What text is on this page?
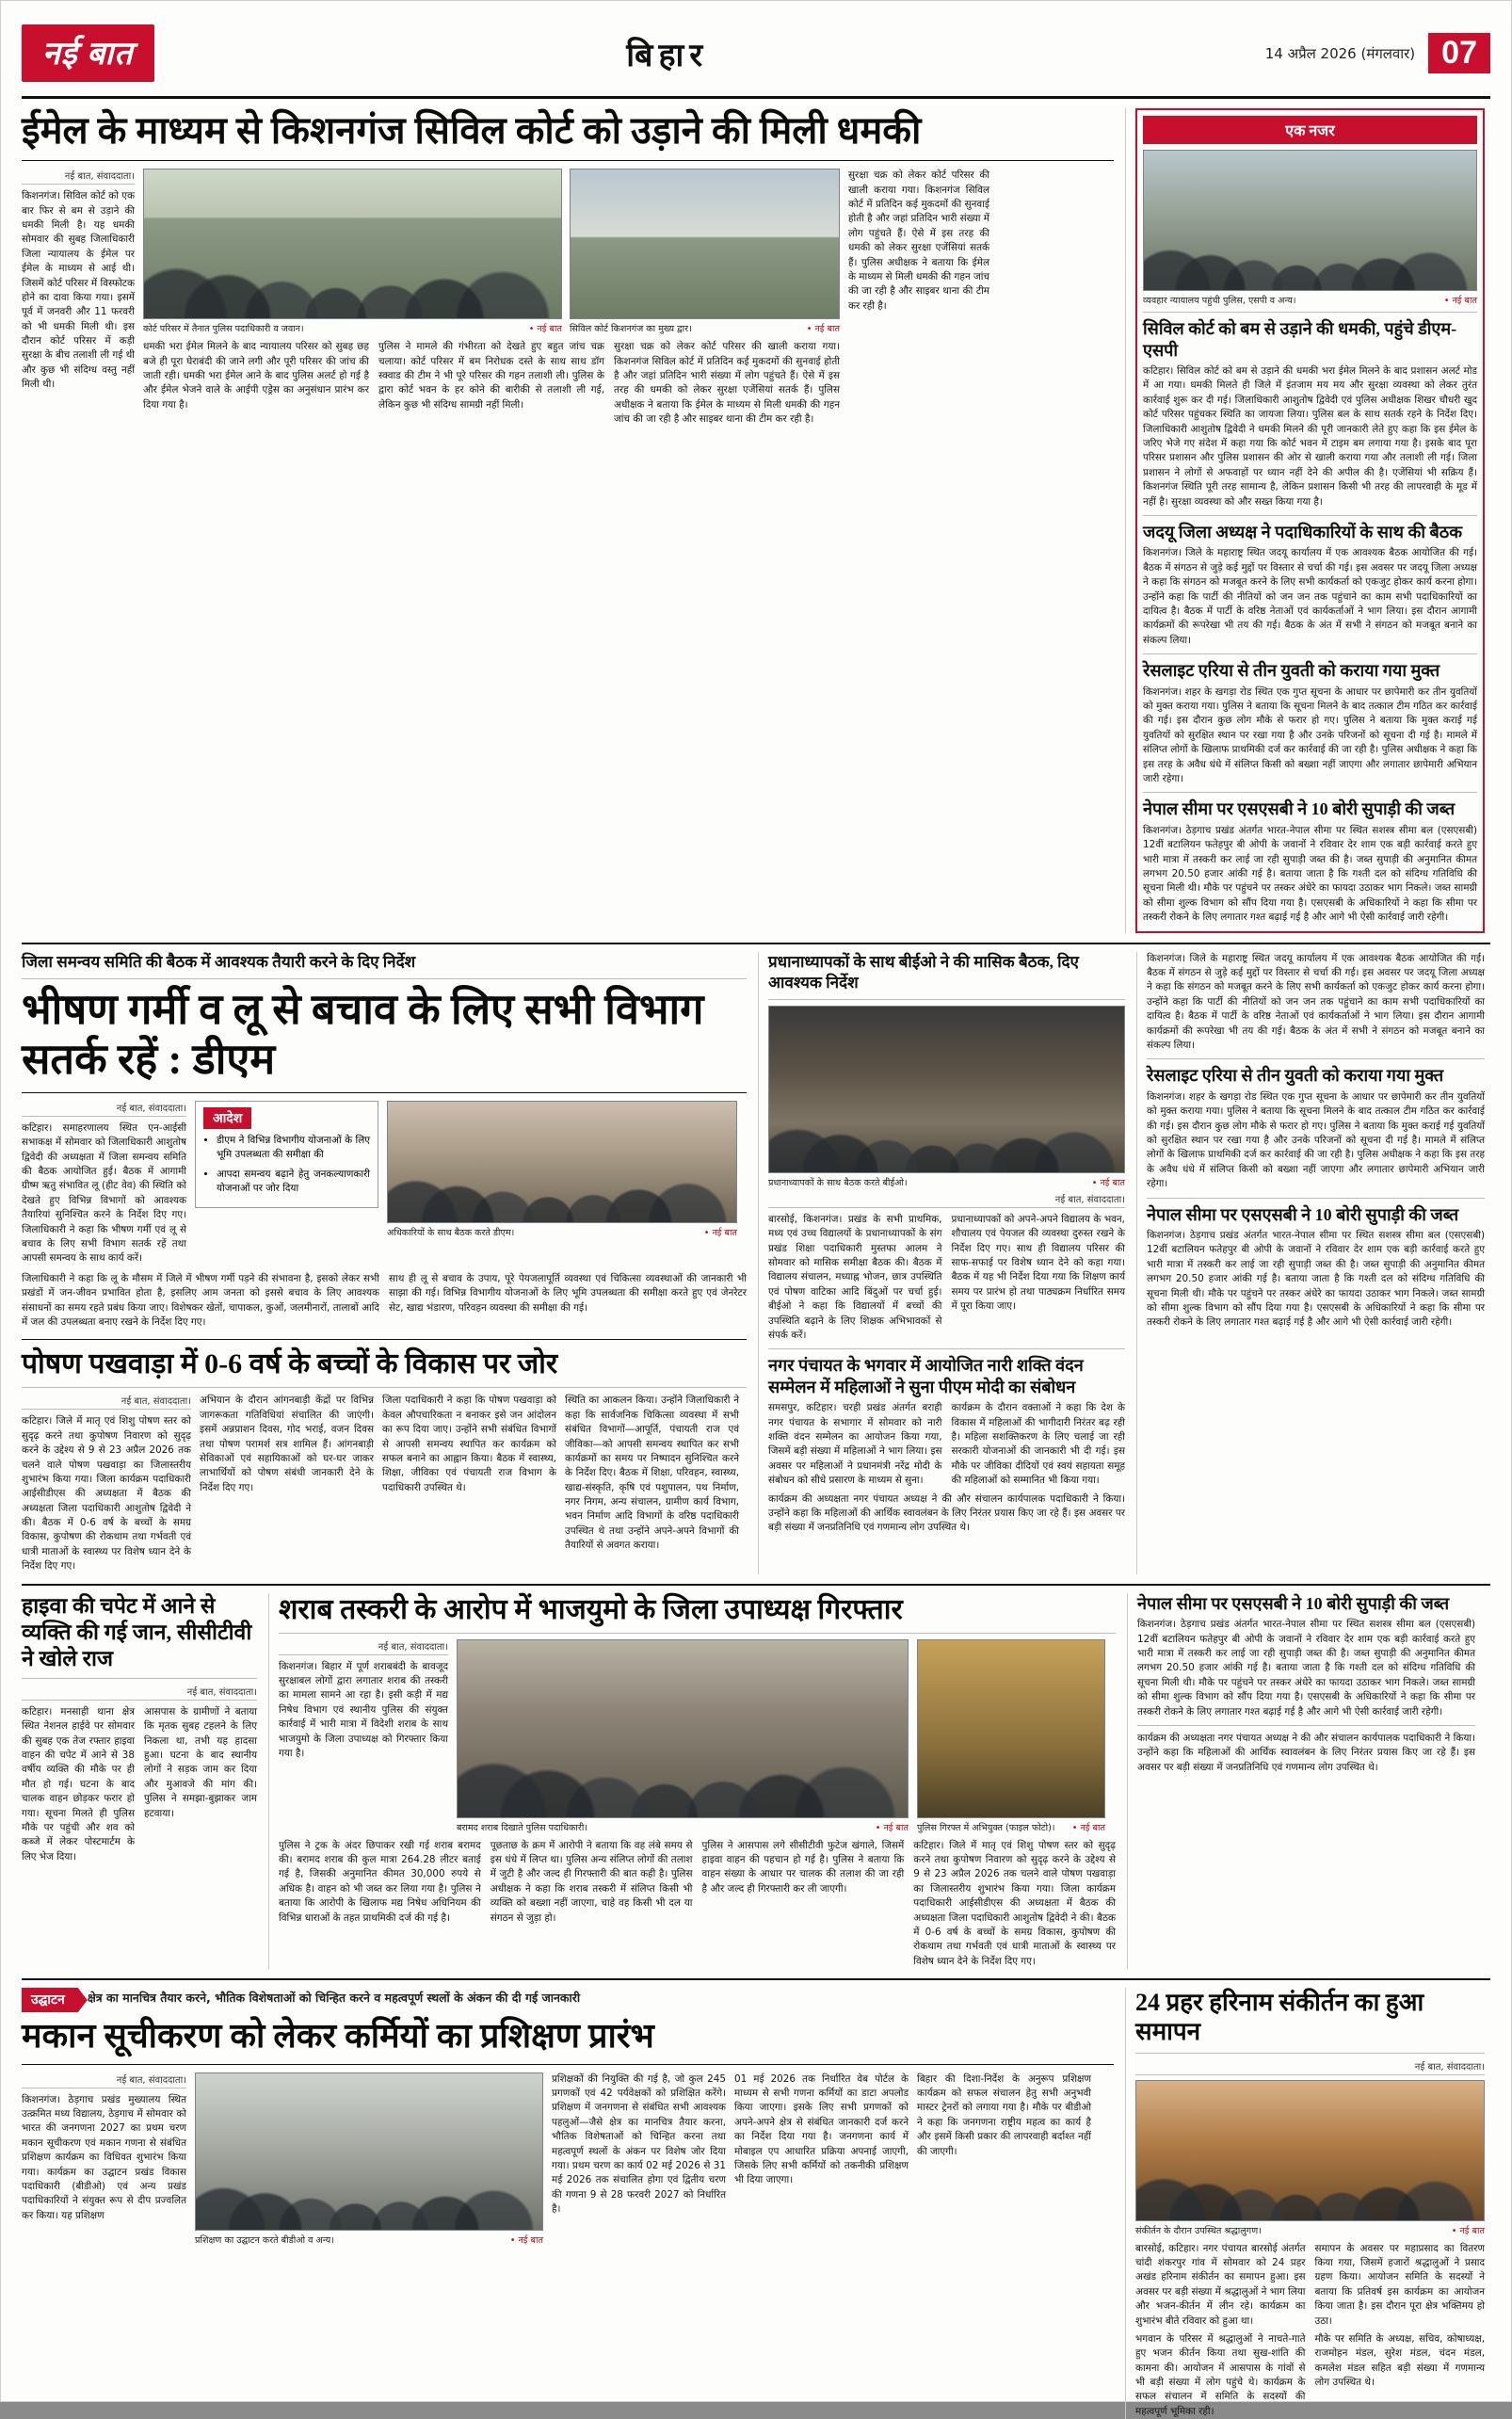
नई बात	बिहार	14 अप्रैल 2026 (मंगलवार) 07
ईमेल के माध्यम से किशनगंज सिविल कोर्ट को उड़ाने की मिली धमकी
नई बात, संवाददाता।
किशनगंज। सिविल कोर्ट को एक बार फिर से बम से उड़ाने की धमकी मिली है। यह धमकी सोमवार की सुबह जिलाधिकारी जिला न्यायालय के ईमेल पर ईमेल के माध्यम से आई थी। जिसमें कोर्ट परिसर में विस्फोटक होने का दावा किया गया। इसमें पूर्व में जनवरी और 11 फरवरी को भी धमकी मिली थी। इस दौरान कोर्ट परिसर में कड़ी सुरक्षा के बीच तलाशी ली गई थी और कुछ भी संदिग्ध वस्तु नहीं मिली थी।
कोर्ट परिसर में तैनात पुलिस पदाधिकारी व जवान।	• नई बात सिविल कोर्ट किशनगंज का मुख्य द्वार।	• नई बात
धमकी भरा ईमेल मिलने के बाद न्यायालय परिसर को सुबह छह बजे ही पूरा घेराबंदी की जाने लगी और पूरी परिसर की जांच की जाती रही। धमकी भरा ईमेल आने के बाद पुलिस अलर्ट हो गई है और ईमेल भेजने वाले के आईपी एड्रेस का अनुसंधान प्रारंभ कर दिया गया है।
पुलिस ने मामले की गंभीरता को देखते हुए बहुत जांच चक्र चलाया। कोर्ट परिसर में बम निरोधक दस्ते के साथ साथ डॉग स्क्वाड की टीम ने भी पूरे परिसर की गहन तलाशी ली। पुलिस के द्वारा कोर्ट भवन के हर कोने की बारीकी से तलाशी ली गई, लेकिन कुछ भी संदिग्ध सामग्री नहीं मिली।
सुरक्षा चक्र को लेकर कोर्ट परिसर की खाली कराया गया। किशनगंज सिविल कोर्ट में प्रतिदिन कई मुकदमों की सुनवाई होती है और जहां प्रतिदिन भारी संख्या में लोग पहुंचते हैं। ऐसे में इस तरह की धमकी को लेकर सुरक्षा एजेंसियां सतर्क हैं। पुलिस अधीक्षक ने बताया कि ईमेल के माध्यम से मिली धमकी की गहन जांच की जा रही है और साइबर थाना की टीम कर रही है।
सुरक्षा चक्र को लेकर कोर्ट परिसर की खाली कराया गया। किशनगंज सिविल कोर्ट में प्रतिदिन कई मुकदमों की सुनवाई होती है और जहां प्रतिदिन भारी संख्या में लोग पहुंचते हैं। ऐसे में इस तरह की धमकी को लेकर सुरक्षा एजेंसियां सतर्क हैं। पुलिस अधीक्षक ने बताया कि ईमेल के माध्यम से मिली धमकी की गहन जांच की जा रही है और साइबर थाना की टीम कर रही है।
एक नजर
व्यवहार न्यायालय पहुंची पुलिस, एसपी व अन्य।	• नई बात
सिविल कोर्ट को बम से उड़ाने की धमकी, पहुंचे डीएम-एसपी
कटिहार। सिविल कोर्ट को बम से उड़ाने की धमकी भरा ईमेल मिलने के बाद प्रशासन अलर्ट मोड में आ गया। धमकी मिलते ही जिले में इंतजाम मय मय और सुरक्षा व्यवस्था को लेकर तुरंत कार्रवाई शुरू कर दी गई। जिलाधिकारी आशुतोष द्विवेदी एवं पुलिस अधीक्षक शिखर चौधरी खुद कोर्ट परिसर पहुंचकर स्थिति का जायजा लिया। पुलिस बल के साथ सतर्क रहने के निर्देश दिए। जिलाधिकारी आशुतोष द्विवेदी ने धमकी मिलने की पूरी जानकारी लेते हुए कहा कि इस ईमेल के जरिए भेजे गए संदेश में कहा गया कि कोर्ट भवन में टाइम बम लगाया गया है। इसके बाद पूरा परिसर प्रशासन और पुलिस प्रशासन की ओर से खाली कराया गया और तलाशी ली गई। जिला प्रशासन ने लोगों से अफवाहों पर ध्यान नहीं देने की अपील की है। एजेंसियां भी सक्रिय हैं। किशनगंज स्थिति पूरी तरह सामान्य है, लेकिन प्रशासन किसी भी तरह की लापरवाही के मूड में नहीं है। सुरक्षा व्यवस्था को और सख्त किया गया है।
जदयू जिला अध्यक्ष ने पदाधिकारियों के साथ की बैठक
किशनगंज। जिले के महाराष्ट्र स्थित जदयू कार्यालय में एक आवश्यक बैठक आयोजित की गई। बैठक में संगठन से जुड़े कई मुद्दों पर विस्तार से चर्चा की गई। इस अवसर पर जदयू जिला अध्यक्ष ने कहा कि संगठन को मजबूत करने के लिए सभी कार्यकर्ता को एकजुट होकर कार्य करना होगा। उन्होंने कहा कि पार्टी की नीतियों को जन जन तक पहुंचाने का काम सभी पदाधिकारियों का दायित्व है। बैठक में पार्टी के वरिष्ठ नेताओं एवं कार्यकर्ताओं ने भाग लिया। इस दौरान आगामी कार्यक्रमों की रूपरेखा भी तय की गई। बैठक के अंत में सभी ने संगठन को मजबूत बनाने का संकल्प लिया।
रेसलाइट एरिया से तीन युवती को कराया गया मुक्त
किशनगंज। शहर के खगड़ा रोड स्थित एक गुप्त सूचना के आधार पर छापेमारी कर तीन युवतियों को मुक्त कराया गया। पुलिस ने बताया कि सूचना मिलने के बाद तत्काल टीम गठित कर कार्रवाई की गई। इस दौरान कुछ लोग मौके से फरार हो गए। पुलिस ने बताया कि मुक्त कराई गई युवतियों को सुरक्षित स्थान पर रखा गया है और उनके परिजनों को सूचना दी गई है। मामले में संलिप्त लोगों के खिलाफ प्राथमिकी दर्ज कर कार्रवाई की जा रही है। पुलिस अधीक्षक ने कहा कि इस तरह के अवैध धंधे में संलिप्त किसी को बख्शा नहीं जाएगा और लगातार छापेमारी अभियान जारी रहेगा।
नेपाल सीमा पर एसएसबी ने 10 बोरी सुपाड़ी की जब्त
किशनगंज। ठेड़गाच प्रखंड अंतर्गत भारत-नेपाल सीमा पर स्थित सशस्त्र सीमा बल (एसएसबी) 12वीं बटालियन फतेहपुर बी ओपी के जवानों ने रविवार देर शाम एक बड़ी कार्रवाई करते हुए भारी मात्रा में तस्करी कर लाई जा रही सुपाड़ी जब्त की है। जब्त सुपाड़ी की अनुमानित कीमत लगभग 20.50 हजार आंकी गई है। बताया जाता है कि गश्ती दल को संदिग्ध गतिविधि की सूचना मिली थी। मौके पर पहुंचने पर तस्कर अंधेरे का फायदा उठाकर भाग निकले। जब्त सामग्री को सीमा शुल्क विभाग को सौंप दिया गया है। एसएसबी के अधिकारियों ने कहा कि सीमा पर तस्करी रोकने के लिए लगातार गश्त बढ़ाई गई है और आगे भी ऐसी कार्रवाई जारी रहेगी।
जिला समन्वय समिति की बैठक में आवश्यक तैयारी करने के दिए निर्देश
भीषण गर्मी व लू से बचाव के लिए सभी विभाग सतर्क रहें : डीएम
नई बात, संवाददाता।
कटिहार। समाहरणालय स्थित एन-आईसी सभाकक्ष में सोमवार को जिलाधिकारी आशुतोष द्विवेदी की अध्यक्षता में जिला समन्वय समिति की बैठक आयोजित हुई। बैठक में आगामी ग्रीष्म ऋतु संभावित लू (हीट वेव) की स्थिति को देखते हुए विभिन्न विभागों को आवश्यक तैयारियां सुनिश्चित करने के निर्देश दिए गए। जिलाधिकारी ने कहा कि भीषण गर्मी एवं लू से बचाव के लिए सभी विभाग सतर्क रहें तथा आपसी समन्वय के साथ कार्य करें।
आदेश
• डीएम ने विभिन्न विभागीय योजनाओं के लिए भूमि उपलब्धता की समीक्षा की
• आपदा समन्वय बढ़ाने हेतु जनकल्याणकारी योजनाओं पर जोर दिया
अधिकारियों के साथ बैठक करते डीएम।	• नई बात
जिलाधिकारी ने कहा कि लू के मौसम में जिले में भीषण गर्मी पड़ने की संभावना है, इसको लेकर सभी प्रखंडों में जन-जीवन प्रभावित होता है, इसलिए आम जनता को इससे बचाव के लिए आवश्यक संसाधनों का समय रहते प्रबंध किया जाए। विशेषकर खेतों, चापाकल, कुओं, जलमीनारों, तालाबों आदि में जल की उपलब्धता बनाए रखने के निर्देश दिए गए।
साथ ही लू से बचाव के उपाय, पूरे पेयजलापूर्ति व्यवस्था एवं चिकित्सा व्यवस्थाओं की जानकारी भी साझा की गई। विभिन्न विभागीय योजनाओं के लिए भूमि उपलब्धता की समीक्षा करते हुए एवं जेनरेटर सेट, खाद्य भंडारण, परिवहन व्यवस्था की समीक्षा की गई।
पोषण पखवाड़ा में 0-6 वर्ष के बच्चों के विकास पर जोर
नई बात, संवाददाता।
कटिहार। जिले में मातृ एवं शिशु पोषण स्तर को सुदृढ़ करने तथा कुपोषण निवारण को सुदृढ़ करने के उद्देश्य से 9 से 23 अप्रैल 2026 तक चलने वाले पोषण पखवाड़ा का जिलास्तरीय शुभारंभ किया गया। जिला कार्यक्रम पदाधिकारी आईसीडीएस की अध्यक्षता में बैठक की अध्यक्षता जिला पदाधिकारी आशुतोष द्विवेदी ने की। बैठक में 0-6 वर्ष के बच्चों के समग्र विकास, कुपोषण की रोकथाम तथा गर्भवती एवं धात्री माताओं के स्वास्थ्य पर विशेष ध्यान देने के निर्देश दिए गए।
अभियान के दौरान आंगनबाड़ी केंद्रों पर विभिन्न जागरूकता गतिविधियां संचालित की जाएंगी। इसमें अन्नप्राशन दिवस, गोद भराई, वजन दिवस तथा पोषण परामर्श सत्र शामिल हैं। आंगनबाड़ी सेविकाओं एवं सहायिकाओं को घर-घर जाकर लाभार्थियों को पोषण संबंधी जानकारी देने के निर्देश दिए गए।
जिला पदाधिकारी ने कहा कि पोषण पखवाड़ा को केवल औपचारिकता न बनाकर इसे जन आंदोलन का रूप दिया जाए। उन्होंने सभी संबंधित विभागों से आपसी समन्वय स्थापित कर कार्यक्रम को सफल बनाने का आह्वान किया। बैठक में स्वास्थ्य, शिक्षा, जीविका एवं पंचायती राज विभाग के पदाधिकारी उपस्थित थे।
स्थिति का आकलन किया। उन्होंने जिलाधिकारी ने कहा कि सार्वजनिक चिकित्सा व्यवस्था में सभी संबंधित विभागों—आपूर्ति, पंचायती राज एवं जीविका—को आपसी समन्वय स्थापित कर सभी कार्यक्रमों का समय पर निष्पादन सुनिश्चित करने के निर्देश दिए। बैठक में शिक्षा, परिवहन, स्वास्थ्य, खाद्य-संस्कृति, कृषि एवं पशुपालन, पथ निर्माण, नगर निगम, अन्य संचालन, ग्रामीण कार्य विभाग, भवन निर्माण आदि विभागों के वरिष्ठ पदाधिकारी उपस्थित थे तथा उन्होंने अपने-अपने विभागों की तैयारियों से अवगत कराया।
प्रधानाध्यापकों के साथ बीईओ ने की मासिक बैठक, दिए आवश्यक निर्देश
प्रधानाध्यापकों के साथ बैठक करते बीईओ।	• नई बात
नई बात, संवाददाता।
बारसोई, किशनगंज। प्रखंड के सभी प्राथमिक, मध्य एवं उच्च विद्यालयों के प्रधानाध्यापकों के संग प्रखंड शिक्षा पदाधिकारी मुस्तफा आलम ने सोमवार को मासिक समीक्षा बैठक की। बैठक में विद्यालय संचालन, मध्याह्न भोजन, छात्र उपस्थिति एवं पोषण वाटिका आदि बिंदुओं पर चर्चा हुई। बीईओ ने कहा कि विद्यालयों में बच्चों की उपस्थिति बढ़ाने के लिए शिक्षक अभिभावकों से संपर्क करें।
प्रधानाध्यापकों को अपने-अपने विद्यालय के भवन, शौचालय एवं पेयजल की व्यवस्था दुरुस्त रखने के निर्देश दिए गए। साथ ही विद्यालय परिसर की साफ-सफाई पर विशेष ध्यान देने को कहा गया। बैठक में यह भी निर्देश दिया गया कि शिक्षण कार्य समय पर प्रारंभ हो तथा पाठ्यक्रम निर्धारित समय में पूरा किया जाए।
नगर पंचायत के भगवार में आयोजित नारी शक्ति वंदन सम्मेलन में महिलाओं ने सुना पीएम मोदी का संबोधन
समसपुर, कटिहार। चरही प्रखंड अंतर्गत बराही नगर पंचायत के सभागार में सोमवार को नारी शक्ति वंदन सम्मेलन का आयोजन किया गया, जिसमें बड़ी संख्या में महिलाओं ने भाग लिया। इस अवसर पर महिलाओं ने प्रधानमंत्री नरेंद्र मोदी के संबोधन को सीधे प्रसारण के माध्यम से सुना।
कार्यक्रम के दौरान वक्ताओं ने कहा कि देश के विकास में महिलाओं की भागीदारी निरंतर बढ़ रही है। महिला सशक्तिकरण के लिए चलाई जा रही सरकारी योजनाओं की जानकारी भी दी गई। इस मौके पर जीविका दीदियों एवं स्वयं सहायता समूह की महिलाओं को सम्मानित भी किया गया।
कार्यक्रम की अध्यक्षता नगर पंचायत अध्यक्ष ने की और संचालन कार्यपालक पदाधिकारी ने किया। उन्होंने कहा कि महिलाओं की आर्थिक स्वावलंबन के लिए निरंतर प्रयास किए जा रहे हैं। इस अवसर पर बड़ी संख्या में जनप्रतिनिधि एवं गणमान्य लोग उपस्थित थे।
किशनगंज। जिले के महाराष्ट्र स्थित जदयू कार्यालय में एक आवश्यक बैठक आयोजित की गई। बैठक में संगठन से जुड़े कई मुद्दों पर विस्तार से चर्चा की गई। इस अवसर पर जदयू जिला अध्यक्ष ने कहा कि संगठन को मजबूत करने के लिए सभी कार्यकर्ता को एकजुट होकर कार्य करना होगा। उन्होंने कहा कि पार्टी की नीतियों को जन जन तक पहुंचाने का काम सभी पदाधिकारियों का दायित्व है। बैठक में पार्टी के वरिष्ठ नेताओं एवं कार्यकर्ताओं ने भाग लिया। इस दौरान आगामी कार्यक्रमों की रूपरेखा भी तय की गई। बैठक के अंत में सभी ने संगठन को मजबूत बनाने का संकल्प लिया।
रेसलाइट एरिया से तीन युवती को कराया गया मुक्त
किशनगंज। शहर के खगड़ा रोड स्थित एक गुप्त सूचना के आधार पर छापेमारी कर तीन युवतियों को मुक्त कराया गया। पुलिस ने बताया कि सूचना मिलने के बाद तत्काल टीम गठित कर कार्रवाई की गई। इस दौरान कुछ लोग मौके से फरार हो गए। पुलिस ने बताया कि मुक्त कराई गई युवतियों को सुरक्षित स्थान पर रखा गया है और उनके परिजनों को सूचना दी गई है। मामले में संलिप्त लोगों के खिलाफ प्राथमिकी दर्ज कर कार्रवाई की जा रही है। पुलिस अधीक्षक ने कहा कि इस तरह के अवैध धंधे में संलिप्त किसी को बख्शा नहीं जाएगा और लगातार छापेमारी अभियान जारी रहेगा।
नेपाल सीमा पर एसएसबी ने 10 बोरी सुपाड़ी की जब्त
किशनगंज। ठेड़गाच प्रखंड अंतर्गत भारत-नेपाल सीमा पर स्थित सशस्त्र सीमा बल (एसएसबी) 12वीं बटालियन फतेहपुर बी ओपी के जवानों ने रविवार देर शाम एक बड़ी कार्रवाई करते हुए भारी मात्रा में तस्करी कर लाई जा रही सुपाड़ी जब्त की है। जब्त सुपाड़ी की अनुमानित कीमत लगभग 20.50 हजार आंकी गई है। बताया जाता है कि गश्ती दल को संदिग्ध गतिविधि की सूचना मिली थी। मौके पर पहुंचने पर तस्कर अंधेरे का फायदा उठाकर भाग निकले। जब्त सामग्री को सीमा शुल्क विभाग को सौंप दिया गया है। एसएसबी के अधिकारियों ने कहा कि सीमा पर तस्करी रोकने के लिए लगातार गश्त बढ़ाई गई है और आगे भी ऐसी कार्रवाई जारी रहेगी।
हाइवा की चपेट में आने से व्यक्ति की गई जान, सीसीटीवी ने खोले राज
नई बात, संवाददाता।
कटिहार। मनसाही थाना क्षेत्र स्थित नेशनल हाईवे पर सोमवार की सुबह एक तेज रफ्तार हाइवा वाहन की चपेट में आने से 38 वर्षीय व्यक्ति की मौके पर ही मौत हो गई। घटना के बाद चालक वाहन छोड़कर फरार हो गया। सूचना मिलते ही पुलिस मौके पर पहुंची और शव को कब्जे में लेकर पोस्टमार्टम के लिए भेज दिया।
आसपास के ग्रामीणों ने बताया कि मृतक सुबह टहलने के लिए निकला था, तभी यह हादसा हुआ। घटना के बाद स्थानीय लोगों ने सड़क जाम कर दिया और मुआवजे की मांग की। पुलिस ने समझा-बुझाकर जाम हटवाया।
शराब तस्करी के आरोप में भाजयुमो के जिला उपाध्यक्ष गिरफ्तार
नई बात, संवाददाता।
किशनगंज। बिहार में पूर्ण शराबबंदी के बावजूद सुरक्षाबल लोगों द्वारा लगातार शराब की तस्करी का मामला सामने आ रहा है। इसी कड़ी में मद्य निषेध विभाग एवं स्थानीय पुलिस की संयुक्त कार्रवाई में भारी मात्रा में विदेशी शराब के साथ भाजयुमो के जिला उपाध्यक्ष को गिरफ्तार किया गया है।
बरामद शराब दिखाते पुलिस पदाधिकारी।	• नई बात पुलिस गिरफ्त में अभियुक्त (फाइल फोटो)। • नई बात
पुलिस ने ट्रक के अंदर छिपाकर रखी गई शराब बरामद की। बरामद शराब की कुल मात्रा 264.28 लीटर बताई गई है, जिसकी अनुमानित कीमत 30,000 रुपये से अधिक है। वाहन को भी जब्त कर लिया गया है। पुलिस ने बताया कि आरोपी के खिलाफ मद्य निषेध अधिनियम की विभिन्न धाराओं के तहत प्राथमिकी दर्ज की गई है।
पूछताछ के क्रम में आरोपी ने बताया कि वह लंबे समय से इस धंधे में लिप्त था। पुलिस अन्य संलिप्त लोगों की तलाश में जुटी है और जल्द ही गिरफ्तारी की बात कही है। पुलिस अधीक्षक ने कहा कि शराब तस्करी में संलिप्त किसी भी व्यक्ति को बख्शा नहीं जाएगा, चाहे वह किसी भी दल या संगठन से जुड़ा हो।
पुलिस ने आसपास लगे सीसीटीवी फुटेज खंगाले, जिसमें हाइवा वाहन की पहचान हो गई है। पुलिस ने बताया कि वाहन संख्या के आधार पर चालक की तलाश की जा रही है और जल्द ही गिरफ्तारी कर ली जाएगी।
कटिहार। जिले में मातृ एवं शिशु पोषण स्तर को सुदृढ़ करने तथा कुपोषण निवारण को सुदृढ़ करने के उद्देश्य से 9 से 23 अप्रैल 2026 तक चलने वाले पोषण पखवाड़ा का जिलास्तरीय शुभारंभ किया गया। जिला कार्यक्रम पदाधिकारी आईसीडीएस की अध्यक्षता में बैठक की अध्यक्षता जिला पदाधिकारी आशुतोष द्विवेदी ने की। बैठक में 0-6 वर्ष के बच्चों के समग्र विकास, कुपोषण की रोकथाम तथा गर्भवती एवं धात्री माताओं के स्वास्थ्य पर विशेष ध्यान देने के निर्देश दिए गए।
नेपाल सीमा पर एसएसबी ने 10 बोरी सुपाड़ी की जब्त
किशनगंज। ठेड़गाच प्रखंड अंतर्गत भारत-नेपाल सीमा पर स्थित सशस्त्र सीमा बल (एसएसबी) 12वीं बटालियन फतेहपुर बी ओपी के जवानों ने रविवार देर शाम एक बड़ी कार्रवाई करते हुए भारी मात्रा में तस्करी कर लाई जा रही सुपाड़ी जब्त की है। जब्त सुपाड़ी की अनुमानित कीमत लगभग 20.50 हजार आंकी गई है। बताया जाता है कि गश्ती दल को संदिग्ध गतिविधि की सूचना मिली थी। मौके पर पहुंचने पर तस्कर अंधेरे का फायदा उठाकर भाग निकले। जब्त सामग्री को सीमा शुल्क विभाग को सौंप दिया गया है। एसएसबी के अधिकारियों ने कहा कि सीमा पर तस्करी रोकने के लिए लगातार गश्त बढ़ाई गई है और आगे भी ऐसी कार्रवाई जारी रहेगी।
कार्यक्रम की अध्यक्षता नगर पंचायत अध्यक्ष ने की और संचालन कार्यपालक पदाधिकारी ने किया। उन्होंने कहा कि महिलाओं की आर्थिक स्वावलंबन के लिए निरंतर प्रयास किए जा रहे हैं। इस अवसर पर बड़ी संख्या में जनप्रतिनिधि एवं गणमान्य लोग उपस्थित थे।
उद्घाटन	क्षेत्र का मानचित्र तैयार करने, भौतिक विशेषताओं को चिन्हित करने व महत्वपूर्ण स्थलों के अंकन की दी गई जानकारी
मकान सूचीकरण को लेकर कर्मियों का प्रशिक्षण प्रारंभ
नई बात, संवाददाता।
किशनगंज। ठेड़गाच प्रखंड मुख्यालय स्थित उत्क्रमित मध्य विद्यालय, ठेड़गाच में सोमवार को भारत की जनगणना 2027 का प्रथम चरण मकान सूचीकरण एवं मकान गणना से संबंधित प्रशिक्षण कार्यक्रम का विधिवत शुभारंभ किया गया। कार्यक्रम का उद्घाटन प्रखंड विकास पदाधिकारी (बीडीओ) एवं अन्य प्रखंड पदाधिकारियों ने संयुक्त रूप से दीप प्रज्वलित कर किया। यह प्रशिक्षण
प्रशिक्षण का उद्घाटन करते बीडीओ व अन्य।	• नई बात
प्रशिक्षकों की नियुक्ति की गई है, जो कुल 245 प्रगणकों एवं 42 पर्यवेक्षकों को प्रशिक्षित करेंगे। प्रशिक्षण में जनगणना से संबंधित सभी आवश्यक पहलुओं—जैसे क्षेत्र का मानचित्र तैयार करना, भौतिक विशेषताओं को चिन्हित करना तथा महत्वपूर्ण स्थलों के अंकन पर विशेष जोर दिया गया। प्रथम चरण का कार्य 02 मई 2026 से 31 मई 2026 तक संचालित होगा एवं द्वितीय चरण की गणना 9 से 28 फरवरी 2027 को निर्धारित है।
01 मई 2026 तक निर्धारित वेब पोर्टल के माध्यम से सभी गणना कर्मियों का डाटा अपलोड किया जाएगा। इसके लिए सभी प्रगणकों को अपने-अपने क्षेत्र से संबंधित जानकारी दर्ज करने का निर्देश दिया गया है। जनगणना कार्य में मोबाइल एप आधारित प्रक्रिया अपनाई जाएगी, जिसके लिए सभी कर्मियों को तकनीकी प्रशिक्षण भी दिया जाएगा।
बिहार की दिशा-निर्देश के अनुरूप प्रशिक्षण कार्यक्रम को सफल संचालन हेतु सभी अनुभवी मास्टर ट्रेनरों को लगाया गया है। मौके पर बीडीओ ने कहा कि जनगणना राष्ट्रीय महत्व का कार्य है और इसमें किसी प्रकार की लापरवाही बर्दाश्त नहीं की जाएगी।
24 प्रहर हरिनाम संकीर्तन का हुआ समापन
नई बात, संवाददाता।
संकीर्तन के दौरान उपस्थित श्रद्धालुगण।	• नई बात
बारसोई, कटिहार। नगर पंचायत बारसोई अंतर्गत चांदी शंकरपुर गांव में सोमवार को 24 प्रहर अखंड हरिनाम संकीर्तन का समापन हुआ। इस अवसर पर बड़ी संख्या में श्रद्धालुओं ने भाग लिया और भजन-कीर्तन में लीन रहे। कार्यक्रम का शुभारंभ बीते रविवार को हुआ था।
समापन के अवसर पर महाप्रसाद का वितरण किया गया, जिसमें हजारों श्रद्धालुओं ने प्रसाद ग्रहण किया। आयोजन समिति के सदस्यों ने बताया कि प्रतिवर्ष इस कार्यक्रम का आयोजन किया जाता है। इस दौरान पूरा क्षेत्र भक्तिमय हो उठा।
भगवान के परिसर में श्रद्धालुओं ने नाचते-गाते हुए भजन कीर्तन किया तथा सुख-शांति की कामना की। आयोजन में आसपास के गांवों से भी बड़ी संख्या में लोग पहुंचे थे। कार्यक्रम के सफल संचालन में समिति के सदस्यों की महत्वपूर्ण भूमिका रही।
मौके पर समिति के अध्यक्ष, सचिव, कोषाध्यक्ष, राजमोहन मंडल, सुरेश मंडल, चंदन मंडल, कमलेश मंडल सहित बड़ी संख्या में गणमान्य लोग उपस्थित थे।
